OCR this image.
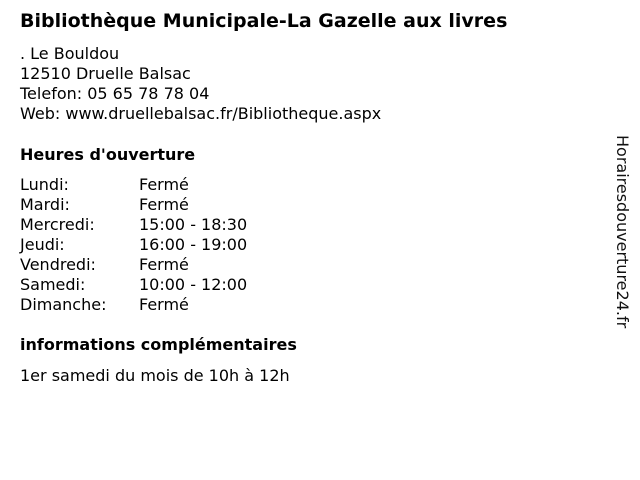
Bibliothèque Municipale-La Gazelle aux livres
. Le Bouldou
12510 Druelle Balsac
Telefon: 05 65 78 78 04
Web: www.druellebalsac.fr/Bibliotheque.aspx
Heures d'ouverture
Lundi:	Fermé
Mardi:	Fermé
Mercredi:	15:00 - 18:30
Jeudi:	16:00 - 19:00
Vendredi:	Fermé
Samedi:	10:00 - 12:00
Dimanche:	Fermé
informations complémentaires
1er samedi du mois de 10h à 12h
Horairesdouverture24.fr
